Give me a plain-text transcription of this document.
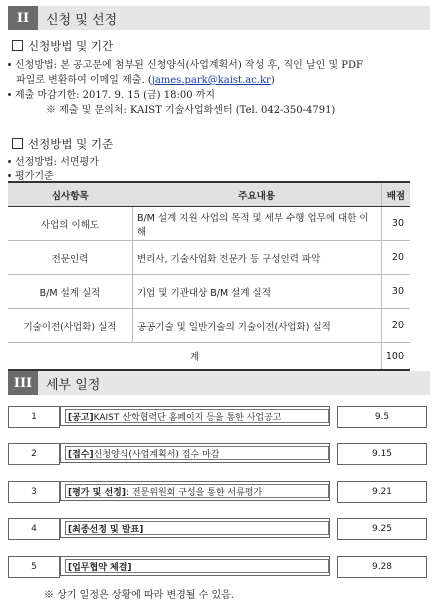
II	신청 및 선정
신청방법 및 기간
신청방법: 본 공고문에 첨부된 신청양식(사업계획서) 작성 후, 직인 날인 및 PDF
파일로 변환하여 이메일 제출. (james.park@kaist.ac.kr)
제출 마감기한: 2017. 9. 15 (금) 18:00 까지
※ 제출 및 문의처: KAIST 기술사업화센터 (Tel. 042-350-4791)
선정방법 및 기준
선정방법: 서면평가
평가기준
심사항목	주요내용	배점
사업의 이해도	B/M 설계 지원 사업의 목적 및 세부 수행 업무에 대한 이해	30
전문인력	변리사, 기술사업화 전문가 등 구성인력 파악	20
B/M 설계 실적	기업 및 기관대상 B/M 설계 실적	30
기술이전(사업화) 실적	공공기술 및 일반기술의 기술이전(사업화) 실적	20
계		100
III	세부 일정
1	[공고] KAIST 산학협력단 홈페이지 등을 통한 사업공고	9.5
2	[접수] 신청양식(사업계획서) 접수 마감	9.15
3	[평가 및 선정] : 전문위원회 구성을 통한 서류평가	9.21
4	[최종선정 및 발표]	9.25
5	[업무협약 체결]	9.28
※ 상기 일정은 상황에 따라 변경될 수 있음.
